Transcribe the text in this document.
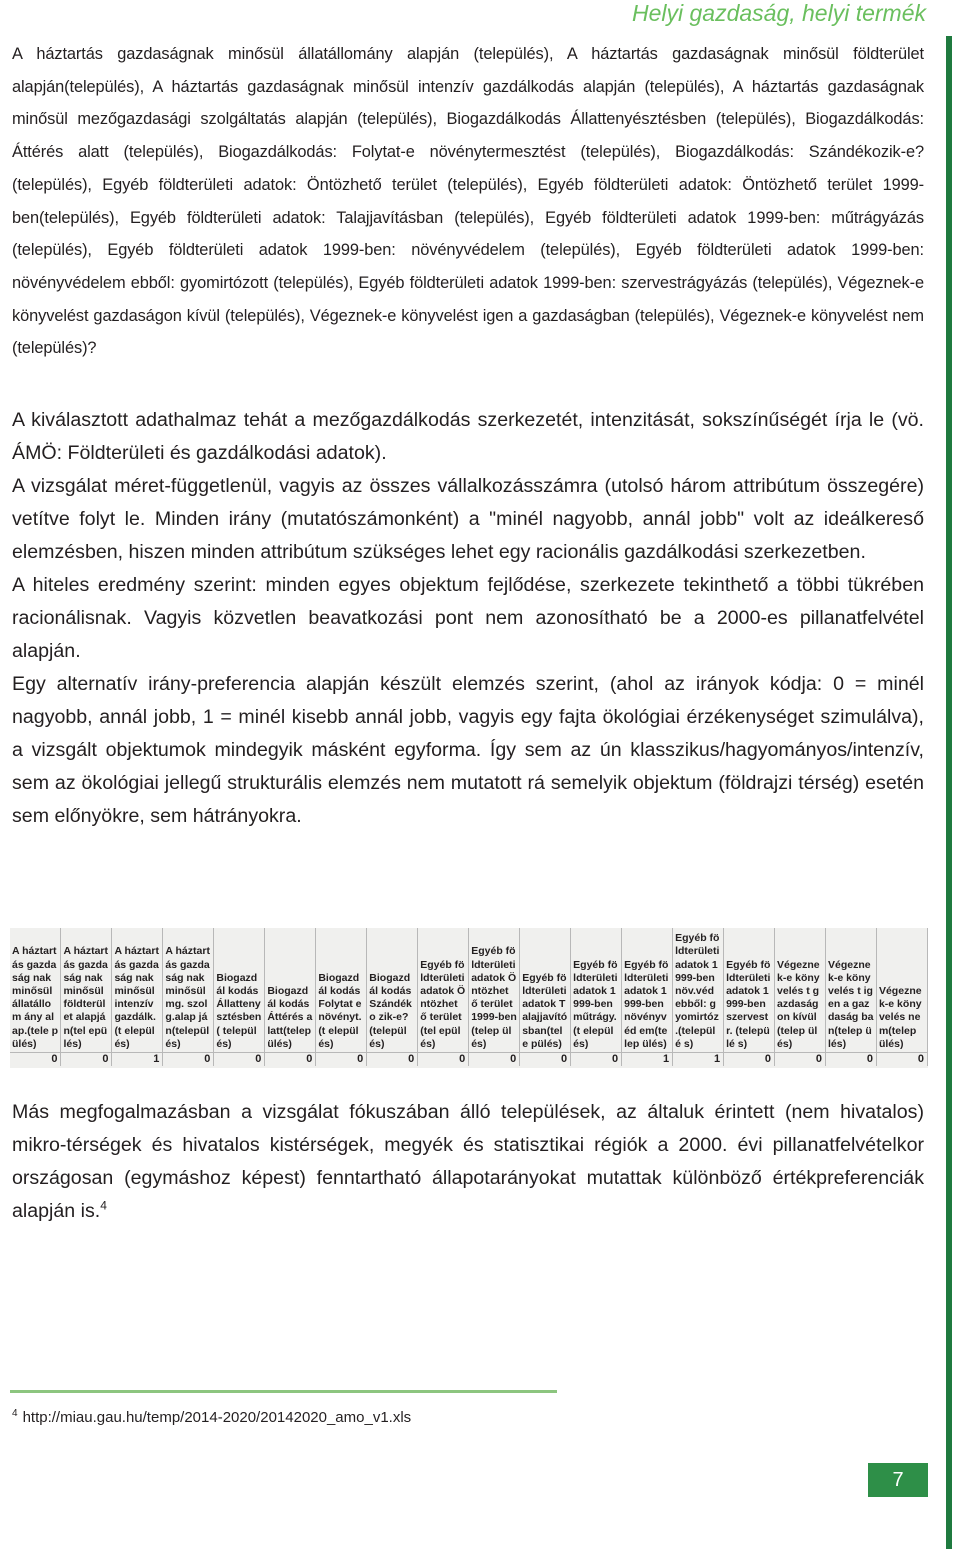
Helyi gazdaság, helyi termék
A háztartás gazdaságnak minősül állatállomány alapján (település), A háztartás gazdaságnak minősül földterület alapján(település), A háztartás gazdaságnak minősül intenzív gazdálkodás alapján (település), A háztartás gazdaságnak minősül mezőgazdasági szolgáltatás alapján (település), Biogazdálkodás Állattenyésztésben (település), Biogazdálkodás: Áttérés alatt (település), Biogazdálkodás: Folytat-e növénytermesztést (település), Biogazdálkodás: Szándékozik-e? (település), Egyéb földterületi adatok: Öntözhető terület (település), Egyéb földterületi adatok: Öntözhető terület 1999-ben(település), Egyéb földterületi adatok: Talajjavításban (település), Egyéb földterületi adatok 1999-ben: műtrágyázás (település), Egyéb földterületi adatok 1999-ben: növényvédelem (település), Egyéb földterületi adatok 1999-ben: növényvédelem ebből: gyomirtózott (település), Egyéb földterületi adatok 1999-ben: szervestrágyázás (település), Végeznek-e könyvelést gazdaságon kívül (település), Végeznek-e könyvelést igen a gazdaságban (település), Végeznek-e könyvelést nem (település)?

A kiválasztott adathalmaz tehát a mezőgazdálkodás szerkezetét, intenzitását, sokszínűségét írja le (vö. ÁMÖ: Földterületi és gazdálkodási adatok).

A vizsgálat méret-függetlenül, vagyis az összes vállalkozásszámra (utolsó három attribútum összegére) vetítve folyt le. Minden irány (mutatószámonként) a "minél nagyobb, annál jobb" volt az ideálkereső elemzésben, hiszen minden attribútum szükséges lehet egy racionális gazdálkodási szerkezetben.

A hiteles eredmény szerint: minden egyes objektum fejlődése, szerkezete tekinthető a többi tükrében racionálisnak. Vagyis közvetlen beavatkozási pont nem azonosítható be a 2000-es pillanatfelvétel alapján.

Egy alternatív irány-preferencia alapján készült elemzés szerint, (ahol az irányok kódja: 0 = minél nagyobb, annál jobb, 1 = minél kisebb annál jobb, vagyis egy fajta ökológiai érzékenységet szimulálva), a vizsgált objektumok mindegyik másként egyforma. Így sem az ún klasszikus/hagyományos/intenzív, sem az ökológiai jellegű strukturális elemzés nem mutatott rá semelyik objektum (földrajzi térség) esetén sem előnyökre, sem hátrányokra.

A háztartás gazdaság nak minősül állatállom ány alap.(tele pülés)	A háztartás gazdaság nak minősül földterület alapján(tel epülés)	A háztartás gazdaság nak minősül intenzív gazdálk.(t elepülés)	A háztartás gazdaság nak minősül mg. szolg.alap ján(települ és)	Biogazdál kodás Állatteny sztésben( település)	Biogazdál kodás Áttérés alatt(telep ülés)	Biogazdál kodás Folytat e növényt.(t elepülés)	Biogazdál kodás Szándéko zik-e?(települ és)	Egyéb földterületi adatok Öntözhet ő terület(tel epülés)	Egyéb földterületi adatok Öntözhet ő terület 1999-ben(telep ülés)	Egyéb földterületi adatok Talajjavító sban(tele pülés)	Egyéb földterületi adatok 1999-ben műtrágy.(t elepülés)	Egyéb földterületi adatok 1999-ben növényvéd em(telep ülés)	Egyéb földterületi adatok 1999-ben növ.véd ebből: gyomirtóz .(települé s)	Egyéb földterületi adatok 1999-ben szervestr. (települé s)	Végeznek-e könyvelés t gazdaság on kívül(telep ülés)	Végeznek-e könyvelés t igen a gazdaság ban(telep ülés)	Végeznek-e könyvelés nem(telep ülés)
0	0	1	0	0	0	0	0	0	0	0	0	1	1	0	0	0	0

Más megfogalmazásban a vizsgálat fókuszában álló települések, az általuk érintett (nem hivatalos) mikro-térségek és hivatalos kistérségek, megyék és statisztikai régiók a 2000. évi pillanatfelvételkor országosan (egymáshoz képest) fenntartható állapotarányokat mutattak különböző értékpreferenciák alapján is.$^4$

$^4$ http://miau.gau.hu/temp/2014-2020/20142020_amo_v1.xls
7
